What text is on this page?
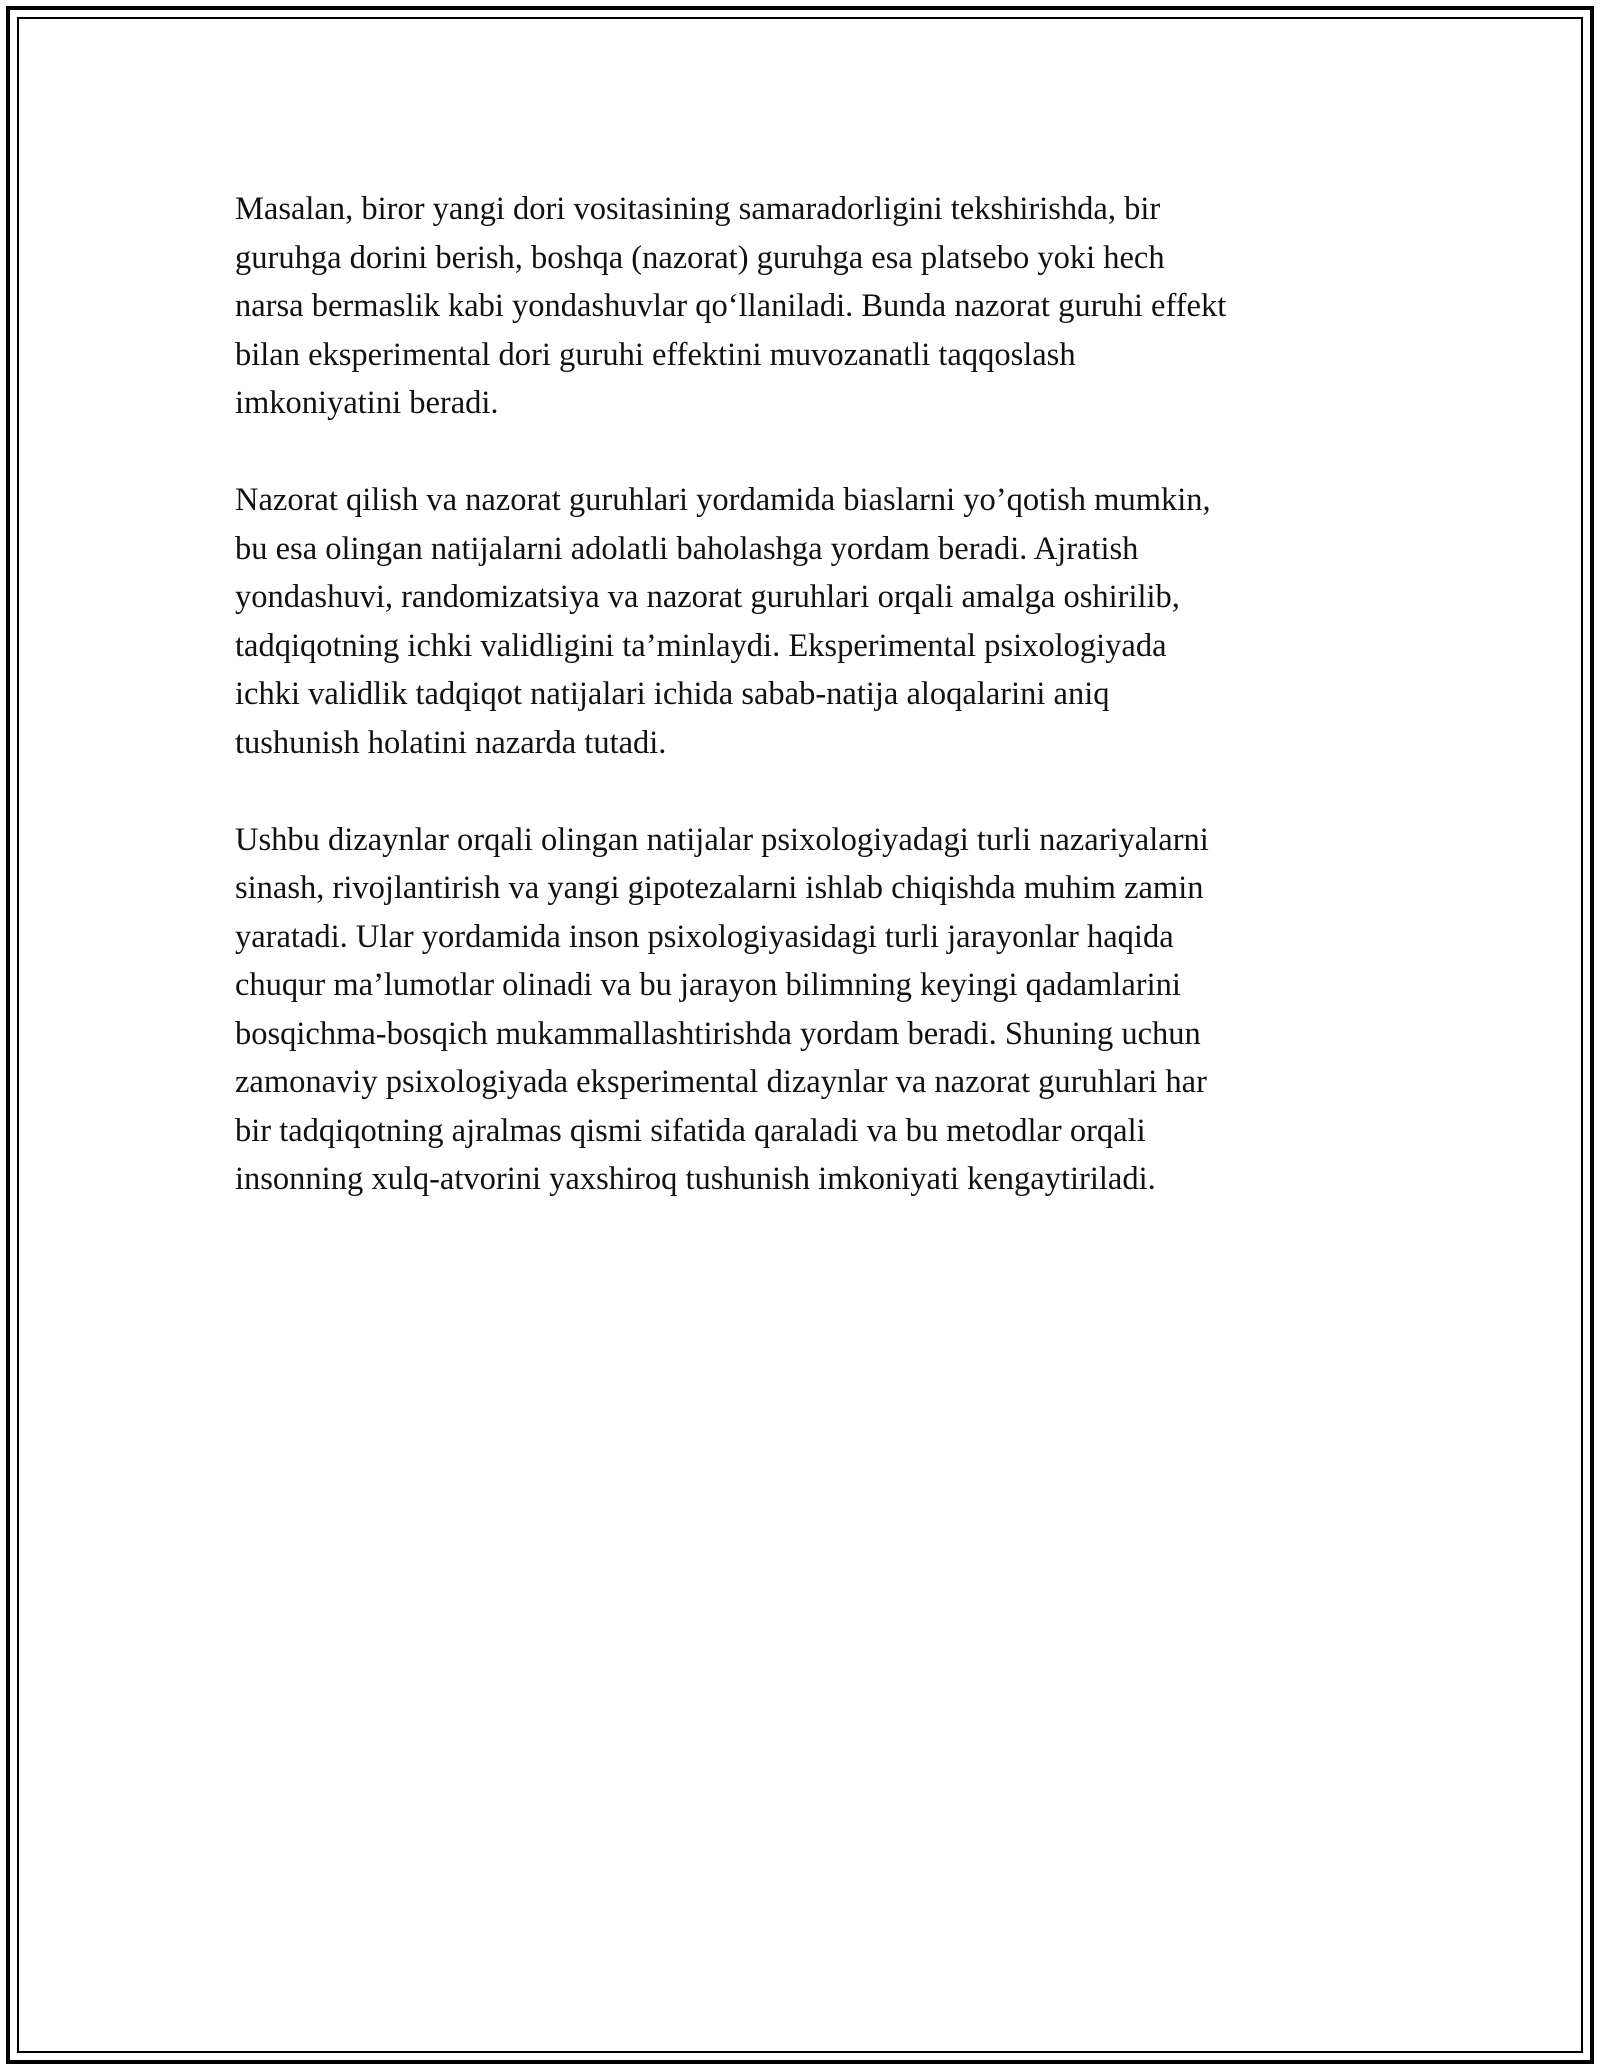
Masalan, biror yangi dori vositasining samaradorligini tekshirishda, bir
guruhga dorini berish, boshqa (nazorat) guruhga esa platsebo yoki hech
narsa bermaslik kabi yondashuvlar qo‘llaniladi. Bunda nazorat guruhi effekt
bilan eksperimental dori guruhi effektini muvozanatli taqqoslash
imkoniyatini beradi.

Nazorat qilish va nazorat guruhlari yordamida biaslarni yo’qotish mumkin,
bu esa olingan natijalarni adolatli baholashga yordam beradi. Ajratish
yondashuvi, randomizatsiya va nazorat guruhlari orqali amalga oshirilib,
tadqiqotning ichki validligini ta’minlaydi. Eksperimental psixologiyada
ichki validlik tadqiqot natijalari ichida sabab-natija aloqalarini aniq
tushunish holatini nazarda tutadi.

Ushbu dizaynlar orqali olingan natijalar psixologiyadagi turli nazariyalarni
sinash, rivojlantirish va yangi gipotezalarni ishlab chiqishda muhim zamin
yaratadi. Ular yordamida inson psixologiyasidagi turli jarayonlar haqida
chuqur ma’lumotlar olinadi va bu jarayon bilimning keyingi qadamlarini
bosqichma-bosqich mukammallashtirishda yordam beradi. Shuning uchun
zamonaviy psixologiyada eksperimental dizaynlar va nazorat guruhlari har
bir tadqiqotning ajralmas qismi sifatida qaraladi va bu metodlar orqali
insonning xulq-atvorini yaxshiroq tushunish imkoniyati kengaytiriladi.
